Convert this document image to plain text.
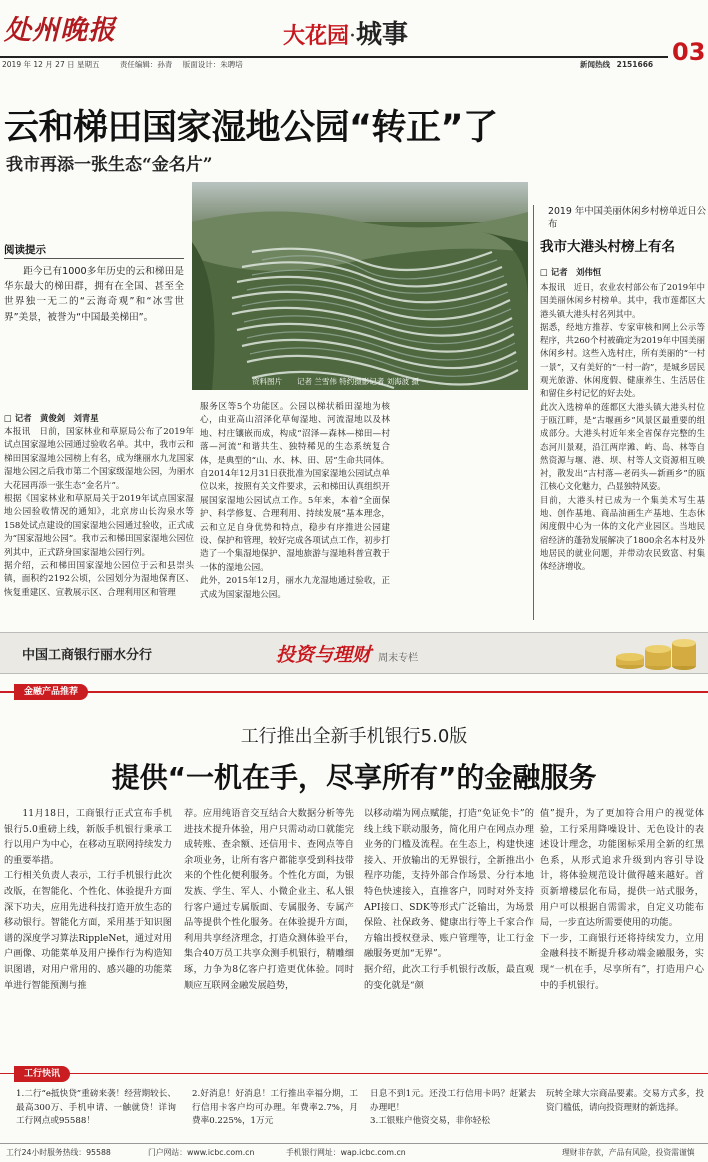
处州晚报	大花园·城事
03
2019 年 12 月 27 日 星期五	责任编辑：孙青 版面设计：朱聘培	新闻热线 2151666
云和梯田国家湿地公园“转正”了
我市再添一张生态“金名片”
资料图片　　记者 兰雪伟 特约摄影记者 刘海波 摄
阅读提示
距今已有1000多年历史的云和梯田是华东最大的梯田群，拥有在全国、甚至全世界独一无二的“云海奇观”和“冰雪世界”美景，被誉为“中国最美梯田”。
□ 记者　黄俊剑　刘青星
本报讯　日前，国家林业和草原局公布了2019年试点国家湿地公园通过验收名单。其中，我市云和梯田国家湿地公园榜上有名，成为继丽水九龙国家湿地公园之后我市第二个国家级湿地公园，为丽水大花园再添一张生态“金名片”。
根据《国家林业和草原局关于2019年试点国家湿地公园验收情况的通知》，北京房山长沟泉水等158处试点建设的国家湿地公园通过验收，正式成为“国家湿地公园”。我市云和梯田国家湿地公园位列其中，正式跻身国家湿地公园行列。
据介绍，云和梯田国家湿地公园位于云和县崇头镇，面积约2192公顷，公园划分为湿地保育区、恢复重建区、宣教展示区、合理利用区和管理
服务区等5个功能区。公园以梯状稻田湿地为核心，由亚高山沼泽化草甸湿地、河流湿地以及林地、村庄镶嵌而成，构成“沼泽—森林—梯田—村落—河流”和谐共生、独特稀见的生态系统复合体，是典型的“山、水、林、田、居”生命共同体。
自2014年12月31日获批准为国家湿地公园试点单位以来，按照有关文件要求，云和梯田认真组织开展国家湿地公园试点工作。5年来，本着“全面保护、科学修复、合理利用、持续发展”基本理念，云和立足自身优势和特点，稳步有序推进公园建设、保护和管理，较好完成各项试点工作，初步打造了一个集湿地保护、湿地旅游与湿地科普宣教于一体的湿地公园。
此外，2015年12月，丽水九龙湿地通过验收，正式成为国家湿地公园。
2019 年中国美丽休闲乡村榜单近日公布
我市大港头村榜上有名
□ 记者　刘伟恒
本报讯　近日，农业农村部公布了2019年中国美丽休闲乡村榜单。其中，我市莲都区大港头镇大港头村名列其中。
据悉，经地方推荐、专家审核和网上公示等程序，共260个村被确定为2019年中国美丽休闲乡村。这些入选村庄，所有美丽的“一村一景”，又有美好的“一村一韵”，是城乡居民观光旅游、休闲度假、健康养生、生活居住和留住乡村记忆的好去处。
此次入选榜单的莲都区大港头镇大港头村位于瓯江畔，是“古堰画乡”风景区最重要的组成部分。大港头村近年来全省保存完整的生态河川景观，沿江两岸滩、屿、岛、林等自然资源与堰、港、坝、村等人文资源相互映衬，散发出“古村落—老码头—新画乡”的瓯江核心文化魅力，凸显独特风姿。
目前，大港头村已成为一个集美术写生基地、创作基地、商品油画生产基地、生态休闲度假中心为一体的文化产业园区。当地民宿经济的蓬勃发展解决了1800余名本村及外地居民的就业问题，并带动农民致富、村集体经济增收。
中国工商银行丽水分行	投资与理财 周末专栏
金融产品推荐
工行推出全新手机银行5.0版
提供“一机在手，尽享所有”的金融服务
11月18日，工商银行正式宣布手机银行5.0重磅上线，新版手机银行秉承工行以用户为中心，在移动互联网持续发力的重要举措。
工行相关负责人表示，工行手机银行此次改版，在智能化、个性化、体验提升方面深下功夫，应用先进科技打造开放生态的移动银行。智能化方面，采用基于知识图谱的深度学习算法RippleNet，通过对用户画像、功能菜单及用户操作行为构造知识图谱，对用户常用的、感兴趣的功能菜单进行智能预测与推
荐。应用纯语音交互结合大数据分析等先进技术提升体验，用户只需动动口就能完成转账、查余额、还信用卡、查网点等自余项业务，让所有客户都能享受到科技带来的个性化便利服务。个性化方面，为银发族、学生、军人、小微企业主、私人银行客户通过专属版面、专属服务、专属产品等提供个性化服务。在体验提升方面，利用共享经济理念，打造众测体验平台，集合40万员工共享众测手机银行，精雕细琢，力争为8亿客户打造更优体验。同时顺应互联网金融发展趋势，
以移动端为网点赋能，打造“免证免卡”的线上线下联动服务，简化用户在网点办理业务的门槛及流程。在生态上，构建快速接入、开放输出的无界银行，全新推出小程序功能，支持外部合作场景、分行本地特色快速接入，直推客户，同时对外支持API接口、SDK等形式广泛输出，为场景保险、社保政务、健康出行等上千家合作方输出授权登录、账户管理等，让工行金融服务更加“无界”。
据介绍，此次工行手机银行改版，最直观的变化就是“颜
值”提升，为了更加符合用户的视觉体验，工行采用降噪设计、无色设计的表述设计理念，功能图标采用全新的红黑色系，从形式追求升级到内容引导设计，将体验规范设计做得越来越好。首页新增楼层化布局，提供一站式服务，用户可以根据自需需求，自定义功能布局，一步直达所需要使用的功能。
下一步，工商银行还将持续发力，立用金融科技不断提升移动端金融服务，实现“一机在手，尽享所有”，打造用户心中的手机银行。
工行快讯
1.二行“e抵快贷”重磅来袭！经营期较长、最高300万、手机申请、一触就贷！详询工行网点或95588！
2.好消息！好消息！工行推出幸福分期，工行信用卡客户均可办理。年费率2.7%，月费率0.225%，1万元
日息不到1元。还没工行信用卡吗？赶紧去办理吧！
3.工银账户他资交易，非你轻松
玩转全球大宗商品要素。交易方式多，投资门槛低，请向投资理财的新选择。
工行24小时服务热线：95588	门户网站：www.icbc.com.cn	手机银行网址：wap.icbc.com.cn	理财非存款，产品有风险，投资需谨慎
